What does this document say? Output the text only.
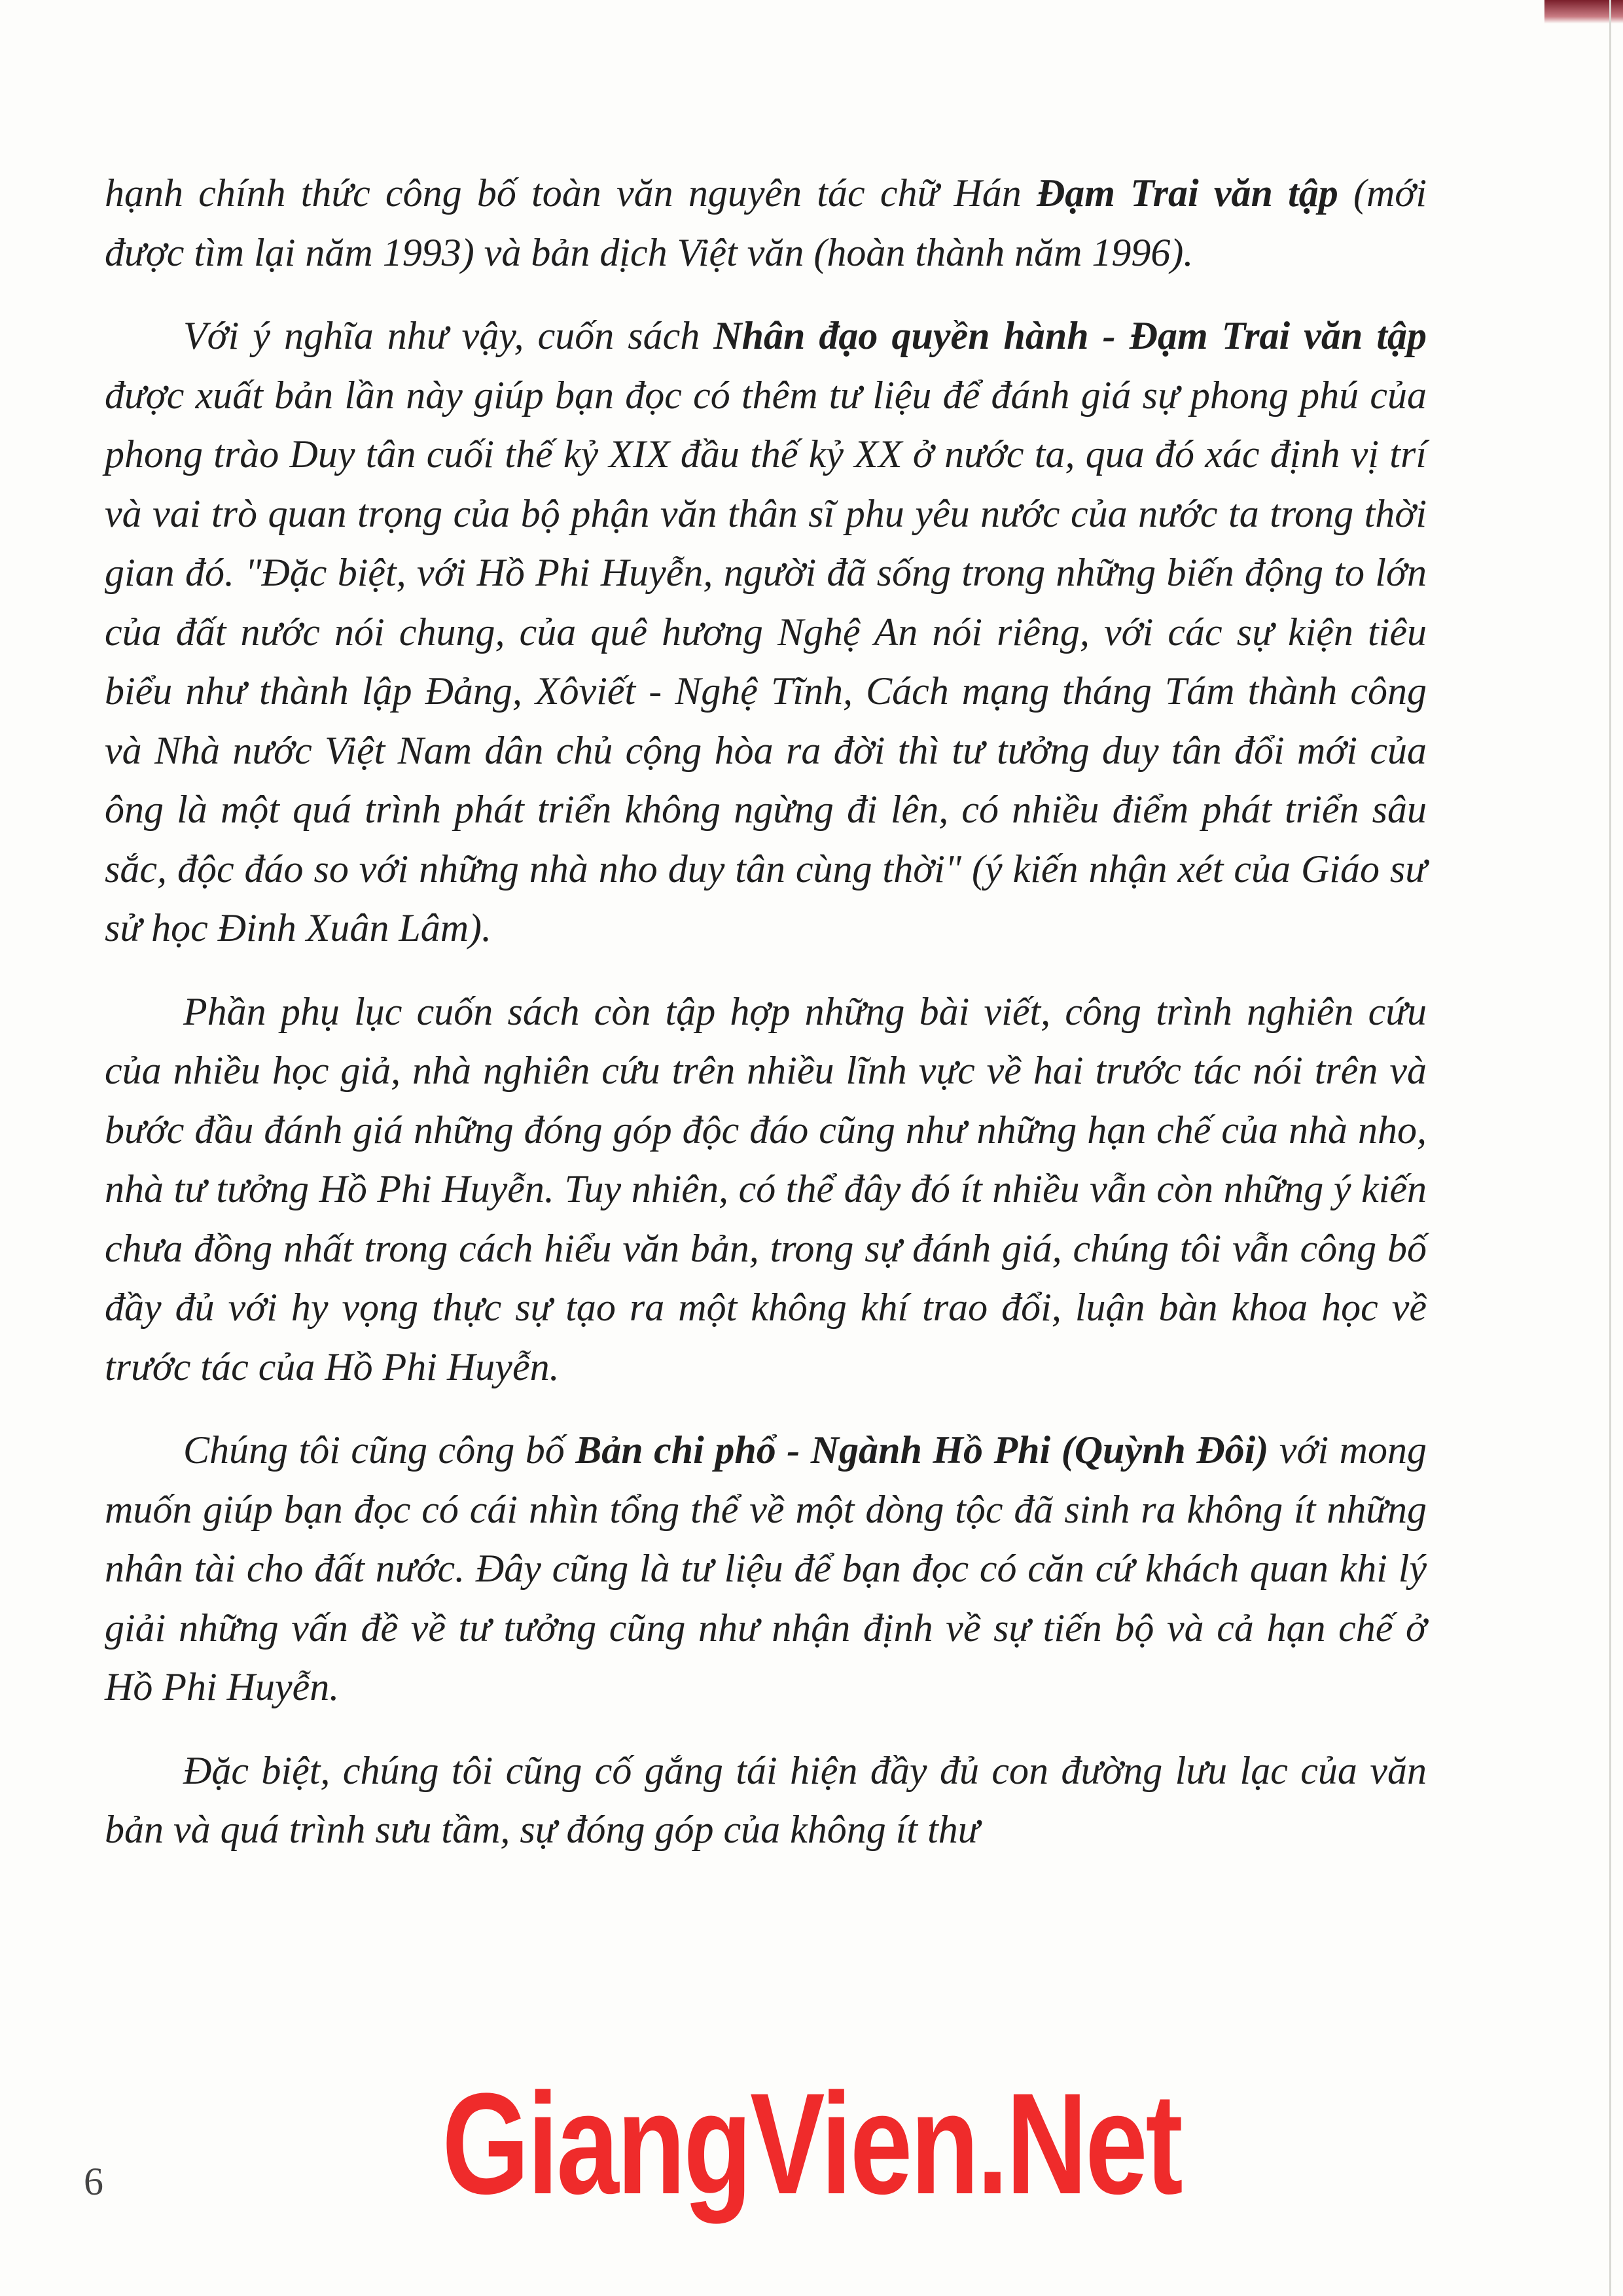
hạnh chính thức công bố toàn văn nguyên tác chữ Hán Đạm Trai văn tập (mới được tìm lại năm 1993) và bản dịch Việt văn (hoàn thành năm 1996).

Với ý nghĩa như vậy, cuốn sách Nhân đạo quyền hành - Đạm Trai văn tập được xuất bản lần này giúp bạn đọc có thêm tư liệu để đánh giá sự phong phú của phong trào Duy tân cuối thế kỷ XIX đầu thế kỷ XX ở nước ta, qua đó xác định vị trí và vai trò quan trọng của bộ phận văn thân sĩ phu yêu nước của nước ta trong thời gian đó. "Đặc biệt, với Hồ Phi Huyễn, người đã sống trong những biến động to lớn của đất nước nói chung, của quê hương Nghệ An nói riêng, với các sự kiện tiêu biểu như thành lập Đảng, Xôviết - Nghệ Tĩnh, Cách mạng tháng Tám thành công và Nhà nước Việt Nam dân chủ cộng hòa ra đời thì tư tưởng duy tân đổi mới của ông là một quá trình phát triển không ngừng đi lên, có nhiều điểm phát triển sâu sắc, độc đáo so với những nhà nho duy tân cùng thời" (ý kiến nhận xét của Giáo sư sử học Đinh Xuân Lâm).

Phần phụ lục cuốn sách còn tập hợp những bài viết, công trình nghiên cứu của nhiều học giả, nhà nghiên cứu trên nhiều lĩnh vực về hai trước tác nói trên và bước đầu đánh giá những đóng góp độc đáo cũng như những hạn chế của nhà nho, nhà tư tưởng Hồ Phi Huyễn. Tuy nhiên, có thể đây đó ít nhiều vẫn còn những ý kiến chưa đồng nhất trong cách hiểu văn bản, trong sự đánh giá, chúng tôi vẫn công bố đầy đủ với hy vọng thực sự tạo ra một không khí trao đổi, luận bàn khoa học về trước tác của Hồ Phi Huyễn.

Chúng tôi cũng công bố Bản chi phổ - Ngành Hồ Phi (Quỳnh Đôi) với mong muốn giúp bạn đọc có cái nhìn tổng thể về một dòng tộc đã sinh ra không ít những nhân tài cho đất nước. Đây cũng là tư liệu để bạn đọc có căn cứ khách quan khi lý giải những vấn đề về tư tưởng cũng như nhận định về sự tiến bộ và cả hạn chế ở Hồ Phi Huyễn.

Đặc biệt, chúng tôi cũng cố gắng tái hiện đầy đủ con đường lưu lạc của văn bản và quá trình sưu tầm, sự đóng góp của không ít thư

GiangVien.Net
6
